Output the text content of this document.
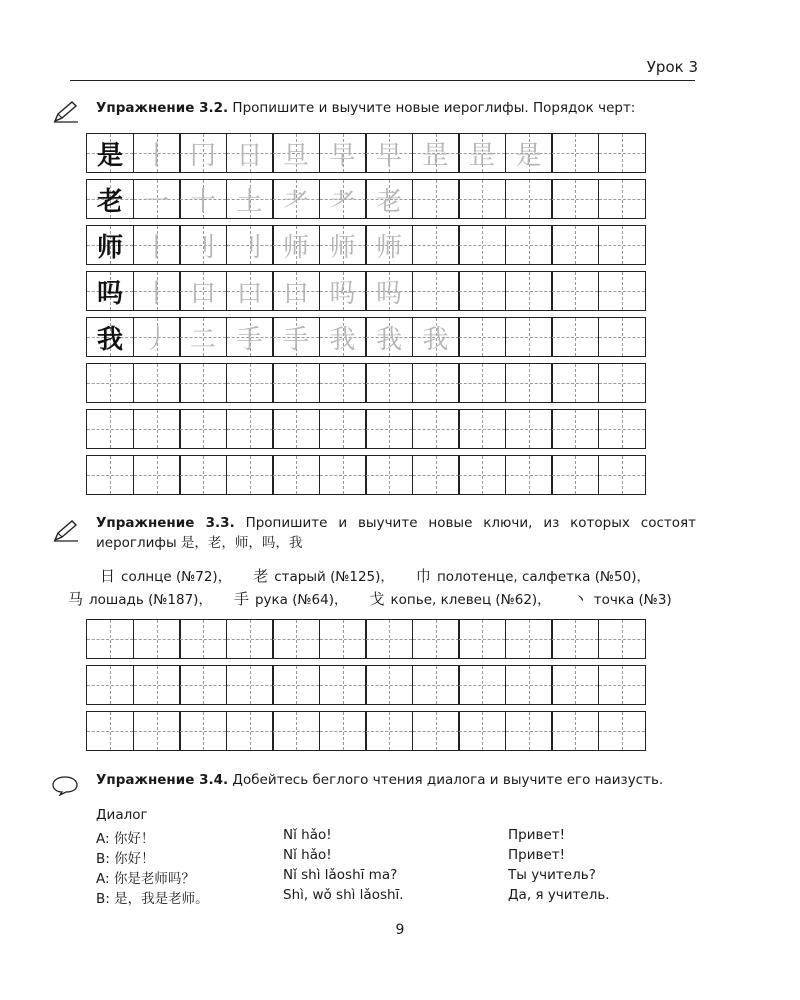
Урок 3
Упражнение 3.2. Пропишите и выучите новые иероглифы. Порядок черт:
是 丨 冂 日 旦 早 早 昰 昰 是
老 一 十 土 耂 耂 老
师 丨 刂 刂 师 师 师
吗 丨 口 口 口 吗 吗
我 丿 二 手 手 我 我 我
Упражнение 3.3. Пропишите и выучите новые ключи, из которых состоят иероглифы 是，老，师，吗，我
日 солнце (№72)， 老 старый (№125)， 巾 полотенце, салфетка (№50)，马 лошадь (№187)， 手 рука (№64)， 戈 копье, клевец (№62)， 丶 точка (№3)
Упражнение 3.4. Добейтесь беглого чтения диалога и выучите его наизусть.
Диалог
A: 你好！	Nǐ hǎo!	Привет!
B: 你好！	Nǐ hǎo!	Привет!
A: 你是老师吗？	Nǐ shì lǎoshī ma?	Ты учитель?
B: 是，我是老师。	Shì, wǒ shì lǎoshī.	Да, я учитель.
9
